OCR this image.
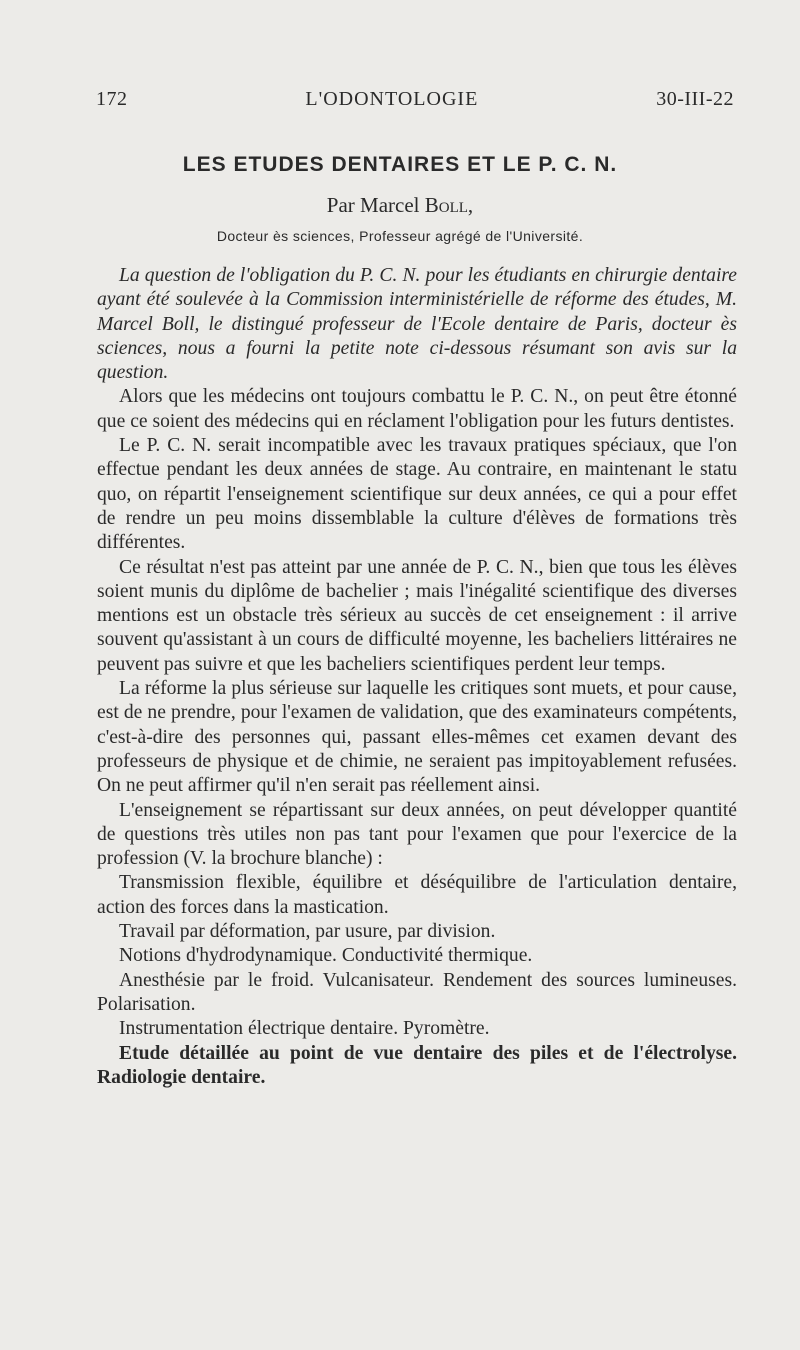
172	L'ODONTOLOGIE	30-III-22
LES ETUDES DENTAIRES ET LE P. C. N.
Par Marcel Boll,
Docteur ès sciences, Professeur agrégé de l'Université.

La question de l'obligation du P. C. N. pour les étudiants en chirurgie dentaire ayant été soulevée à la Commission interministérielle de réforme des études, M. Marcel Boll, le distingué professeur de l'Ecole dentaire de Paris, docteur ès sciences, nous a fourni la petite note ci-dessous résumant son avis sur la question.

Alors que les médecins ont toujours combattu le P. C. N., on peut être étonné que ce soient des médecins qui en réclament l'obligation pour les futurs dentistes.

Le P. C. N. serait incompatible avec les travaux pratiques spéciaux, que l'on effectue pendant les deux années de stage. Au contraire, en maintenant le statu quo, on répartit l'enseignement scientifique sur deux années, ce qui a pour effet de rendre un peu moins dissemblable la culture d'élèves de formations très différentes.

Ce résultat n'est pas atteint par une année de P. C. N., bien que tous les élèves soient munis du diplôme de bachelier ; mais l'inégalité scientifique des diverses mentions est un obstacle très sérieux au succès de cet enseignement : il arrive souvent qu'assistant à un cours de difficulté moyenne, les bacheliers littéraires ne peuvent pas suivre et que les bacheliers scientifiques perdent leur temps.

La réforme la plus sérieuse sur laquelle les critiques sont muets, et pour cause, est de ne prendre, pour l'examen de validation, que des examinateurs compétents, c'est-à-dire des personnes qui, passant elles-mêmes cet examen devant des professeurs de physique et de chimie, ne seraient pas impitoyablement refusées. On ne peut affirmer qu'il n'en serait pas réellement ainsi.

L'enseignement se répartissant sur deux années, on peut développer quantité de questions très utiles non pas tant pour l'examen que pour l'exercice de la profession (V. la brochure blanche) :

Transmission flexible, équilibre et déséquilibre de l'articulation dentaire, action des forces dans la mastication.

Travail par déformation, par usure, par division.

Notions d'hydrodynamique. Conductivité thermique.

Anesthésie par le froid. Vulcanisateur. Rendement des sources lumineuses. Polarisation.

Instrumentation électrique dentaire. Pyromètre.

Etude détaillée au point de vue dentaire des piles et de l'électrolyse. Radiologie dentaire.
